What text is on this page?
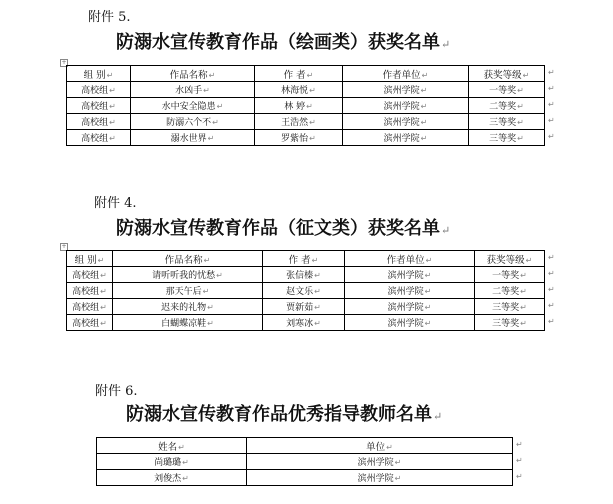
附件 5.
防溺水宣传教育作品（绘画类）获奖名单↵
+
组 别↵	作品名称↵	作 者↵	作者单位↵	获奖等级↵
高校组↵	水凶手↵	林海悦↵	滨州学院↵	一等奖↵
高校组↵	水中安全隐患↵	林 婷↵	滨州学院↵	二等奖↵
高校组↵	防溺六个不↵	王浩然↵	滨州学院↵	三等奖↵
高校组↵	溺水世界↵	罗紫怡↵	滨州学院↵	三等奖↵
附件 4.
防溺水宣传教育作品（征文类）获奖名单↵
+
组 别↵	作品名称↵	作 者↵	作者单位↵	获奖等级↵
高校组↵	请听听我的忧愁↵	张信榛↵	滨州学院↵	一等奖↵
高校组↵	那天午后↵	赵文乐↵	滨州学院↵	二等奖↵
高校组↵	迟来的礼物↵	贾新茹↵	滨州学院↵	三等奖↵
高校组↵	白蝴蝶凉鞋↵	刘寒冰↵	滨州学院↵	三等奖↵
附件 6.
防溺水宣传教育作品优秀指导教师名单↵
姓名↵	单位↵
尚璐璐↵	滨州学院↵
刘俊杰↵	滨州学院↵
↵
↵
↵
↵
↵
↵
↵
↵
↵
↵
↵
↵
↵
